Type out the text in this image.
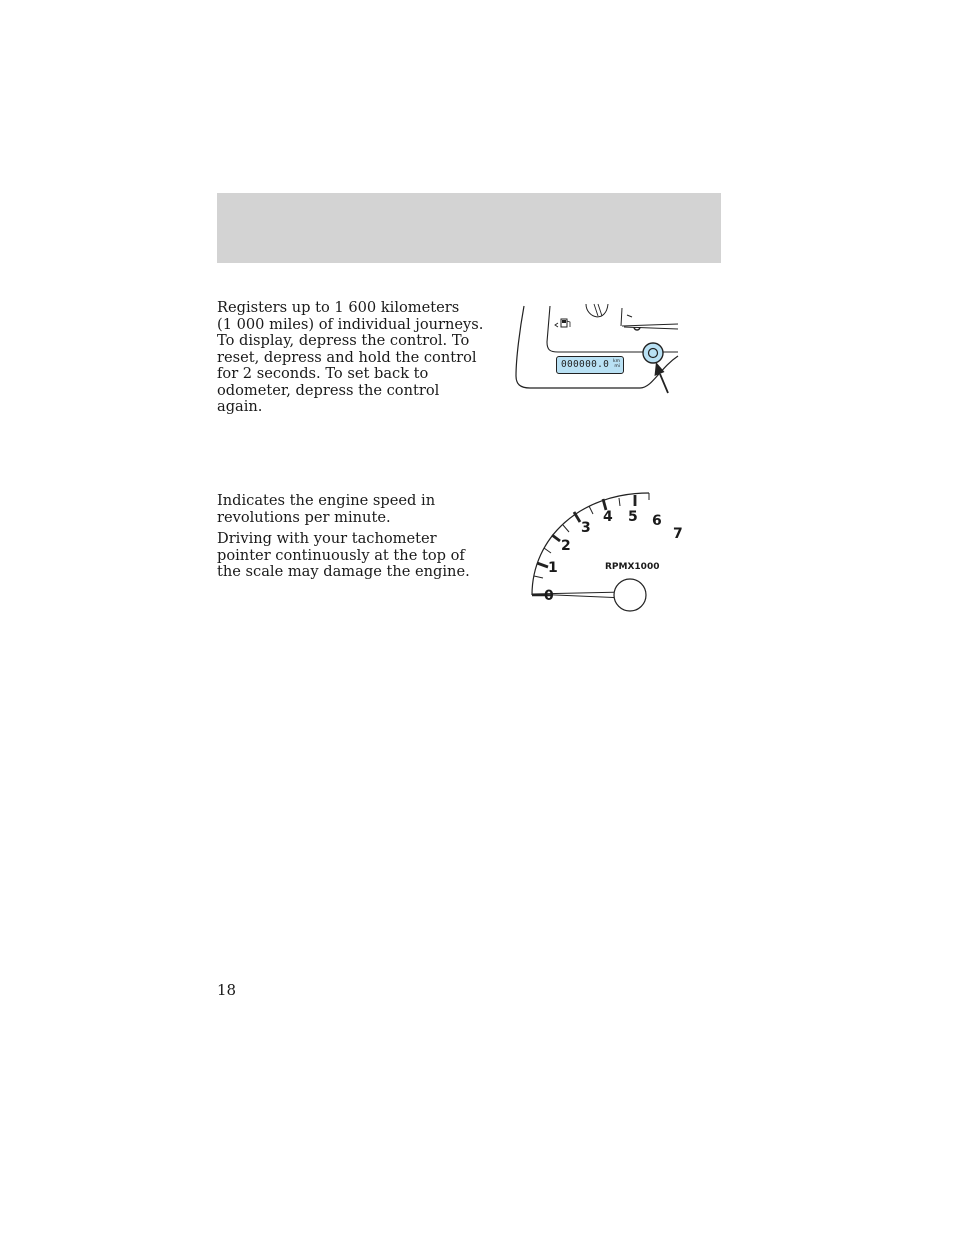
Registers up to 1 600 kilometers
(1 000 miles) of individual journeys.
To display, depress the control. To
reset, depress and hold the control
for 2 seconds. To set back to
odometer, depress the control again.

000000.0 km
mi

Indicates the engine speed in
revolutions per minute.

Driving with your tachometer
pointer continuously at the top of
the scale may damage the engine.

0
1
2
3
4 5 6
7
RPMX1000
18
